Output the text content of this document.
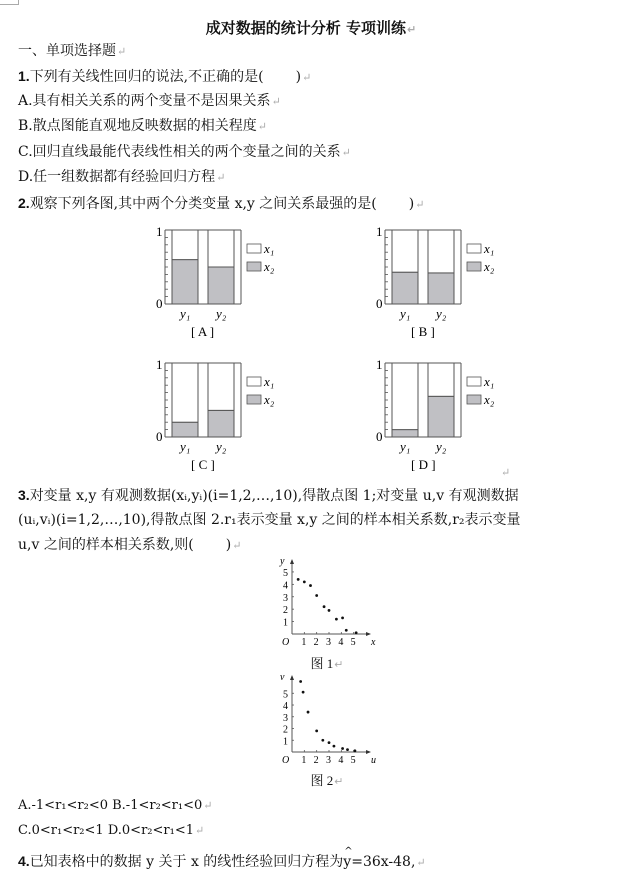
成对数据的统计分析 专项训练↵
一、单项选择题↵
1.下列有关线性回归的说法,不正确的是( )↵
A.具有相关关系的两个变量不是因果关系↵
B.散点图能直观地反映数据的相关程度↵
C.回归直线最能代表线性相关的两个变量之间的关系↵
D.任一组数据都有经验回归方程↵
2.观察下列各图,其中两个分类变量 x,y 之间关系最强的是( )↵
1
0
y₁ y₂
x₁
x₂
[ A ]
1
0
y₁ y₂
x₁
x₂
[ B ]
1
0
y₁ y₂
x₁
x₂
[ C ]
1
0
y₁ y₂
x₁
x₂
[ D ]
↵
3.对变量 x,y 有观测数据(xᵢ,yᵢ)(i=1,2,…,10),得散点图 1;对变量 u,v 有观测数据
(uᵢ,vᵢ)(i=1,2,…,10),得散点图 2.r₁表示变量 x,y 之间的样本相关系数,r₂表示变量
u,v 之间的样本相关系数,则( )↵
y
x
O 1 2 3 4 5
1
2
3
4
5
图 1↵
v
u
O 1 2 3 4 5
1
2
3
4
5
图 2↵
A.-1<r₁<r₂<0 B.-1<r₂<r₁<0↵
C.0<r₁<r₂<1 D.0<r₂<r₁<1↵
4.已知表格中的数据 y 关于 x 的线性经验回归方程为^ y=36x-48,↵
